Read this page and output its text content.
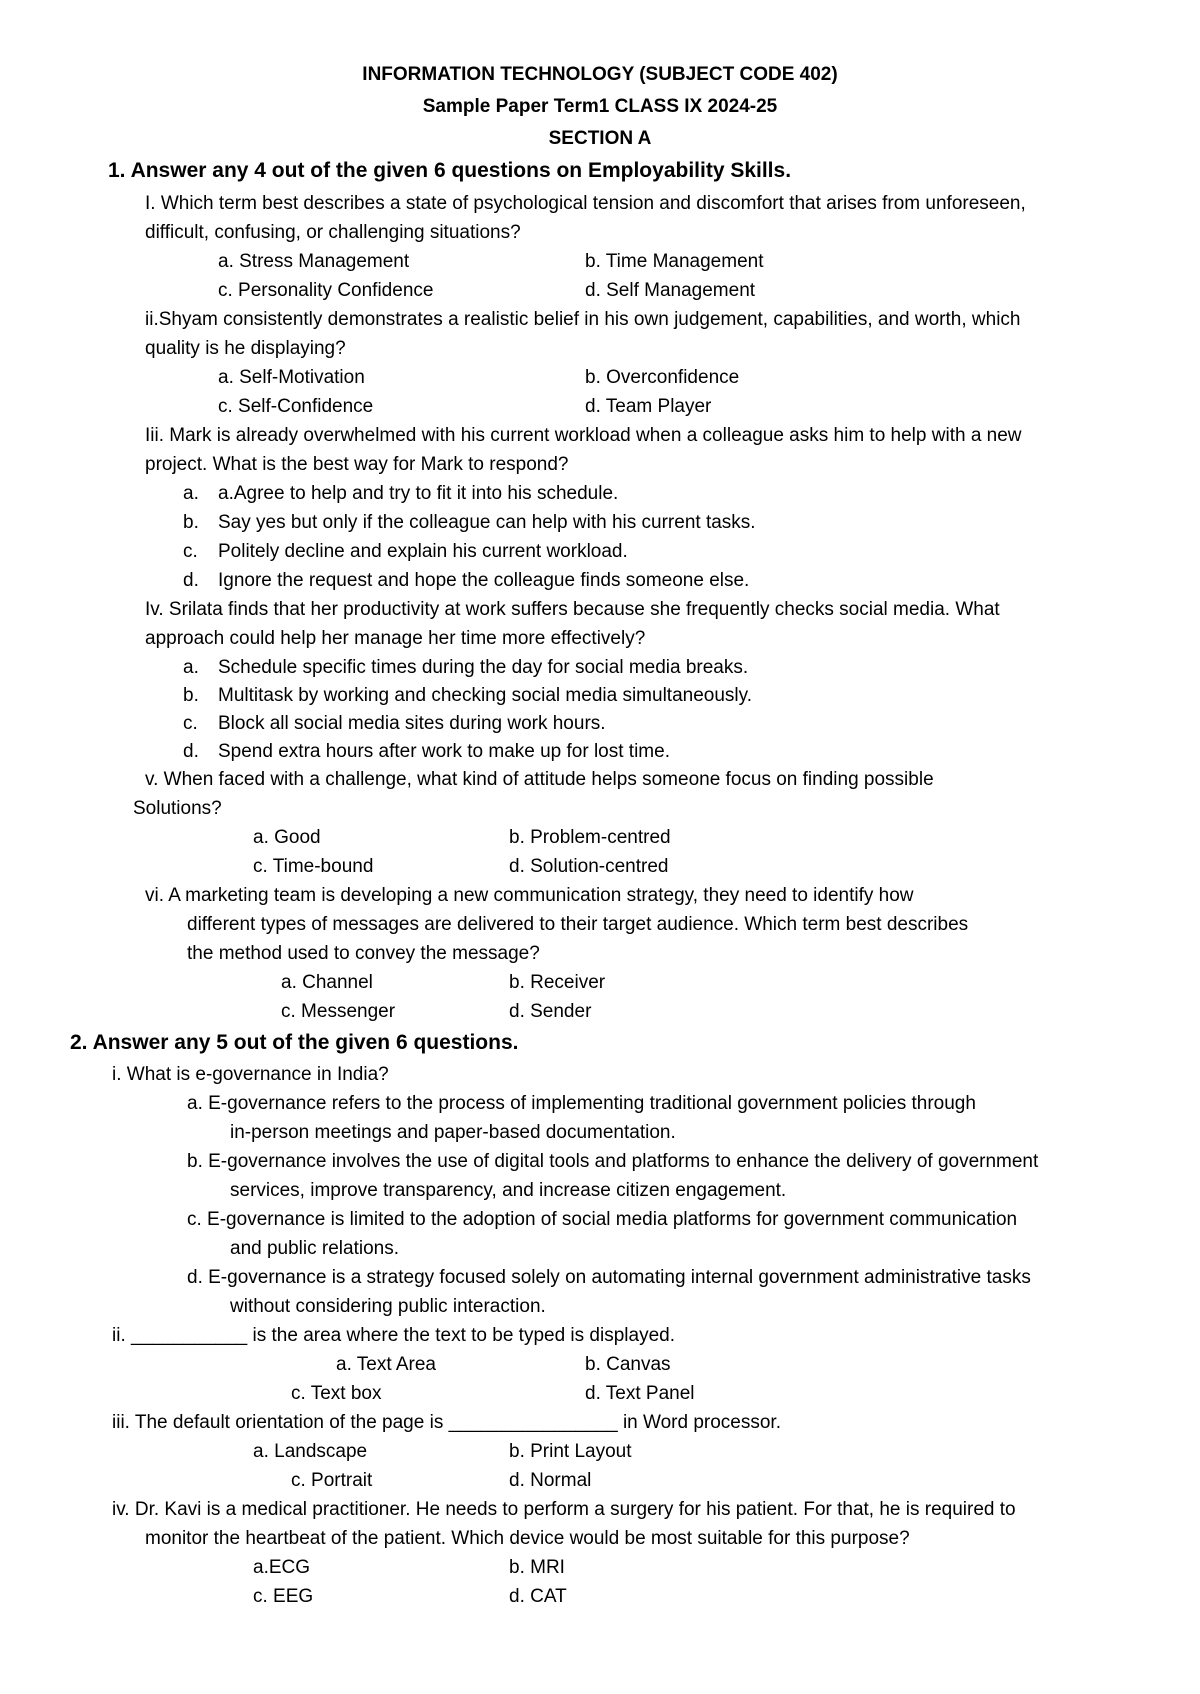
INFORMATION TECHNOLOGY (SUBJECT CODE 402)
Sample Paper Term1 CLASS IX 2024-25
SECTION A
1. Answer any 4 out of the given 6 questions on Employability Skills.
I. Which term best describes a state of psychological tension and discomfort that arises from unforeseen,
difficult, confusing, or challenging situations?
a. Stress Management	b. Time Management
c. Personality Confidence	d. Self Management
ii.Shyam consistently demonstrates a realistic belief in his own judgement, capabilities, and worth, which
quality is he displaying?
a. Self-Motivation	b. Overconfidence
c. Self-Confidence	d. Team Player
Iii. Mark is already overwhelmed with his current workload when a colleague asks him to help with a new
project. What is the best way for Mark to respond?
a. a.Agree to help and try to fit it into his schedule.
b. Say yes but only if the colleague can help with his current tasks.
c. Politely decline and explain his current workload.
d. Ignore the request and hope the colleague finds someone else.
Iv. Srilata finds that her productivity at work suffers because she frequently checks social media. What
approach could help her manage her time more effectively?
a. Schedule specific times during the day for social media breaks.
b. Multitask by working and checking social media simultaneously.
c. Block all social media sites during work hours.
d. Spend extra hours after work to make up for lost time.
v. When faced with a challenge, what kind of attitude helps someone focus on finding possible
Solutions?
a. Good	b. Problem-centred
c. Time-bound	d. Solution-centred
vi. A marketing team is developing a new communication strategy, they need to identify how
different types of messages are delivered to their target audience. Which term best describes
the method used to convey the message?
a. Channel	b. Receiver
c. Messenger	d. Sender
2. Answer any 5 out of the given 6 questions.
i. What is e-governance in India?
a. E-governance refers to the process of implementing traditional government policies through
in-person meetings and paper-based documentation.
b. E-governance involves the use of digital tools and platforms to enhance the delivery of government
services, improve transparency, and increase citizen engagement.
c. E-governance is limited to the adoption of social media platforms for government communication
and public relations.
d. E-governance is a strategy focused solely on automating internal government administrative tasks
without considering public interaction.
ii. ___________ is the area where the text to be typed is displayed.
a. Text Area	b. Canvas
c. Text box	d. Text Panel
iii. The default orientation of the page is ________________ in Word processor.
a. Landscape	b. Print Layout
c. Portrait	d. Normal
iv. Dr. Kavi is a medical practitioner. He needs to perform a surgery for his patient. For that, he is required to
monitor the heartbeat of the patient. Which device would be most suitable for this purpose?
a.ECG	b. MRI
c. EEG	d. CAT
